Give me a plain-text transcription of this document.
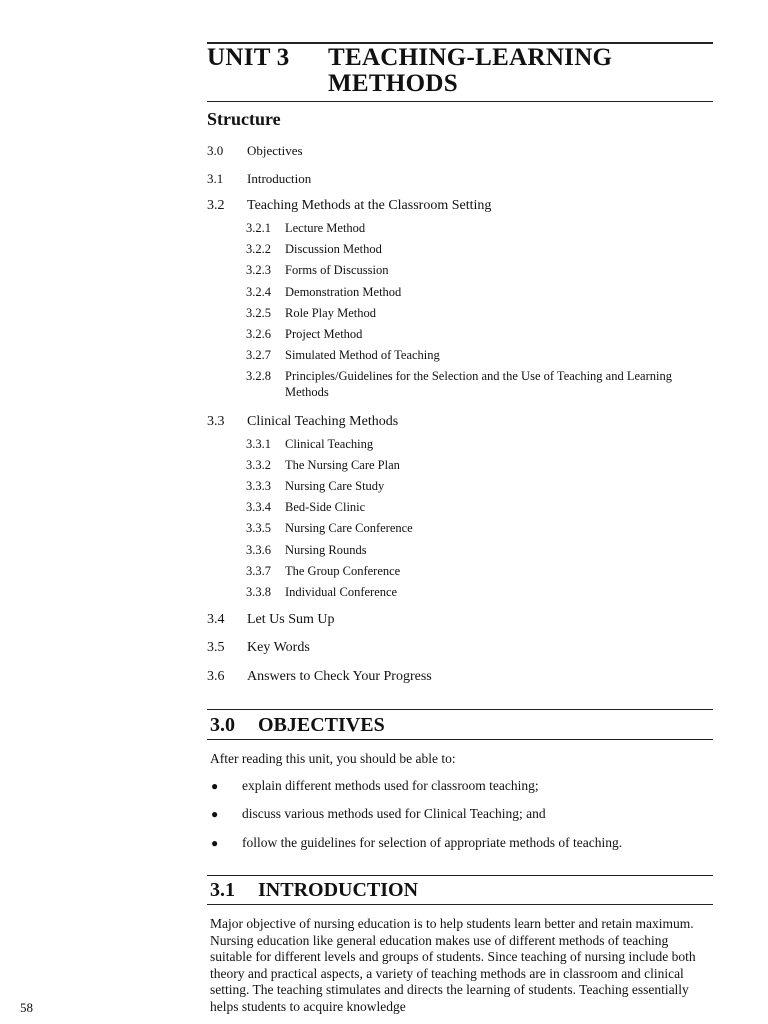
UNIT 3 TEACHING-LEARNING
METHODS
Structure
3.0 Objectives
3.1 Introduction
3.2 Teaching Methods at the Classroom Setting
3.2.1 Lecture Method
3.2.2 Discussion Method
3.2.3 Forms of Discussion
3.2.4 Demonstration Method
3.2.5 Role Play Method
3.2.6 Project Method
3.2.7 Simulated Method of Teaching
3.2.8 Principles/Guidelines for the Selection and the Use of Teaching and Learning Methods
3.3 Clinical Teaching Methods
3.3.1 Clinical Teaching
3.3.2 The Nursing Care Plan
3.3.3 Nursing Care Study
3.3.4 Bed-Side Clinic
3.3.5 Nursing Care Conference
3.3.6 Nursing Rounds
3.3.7 The Group Conference
3.3.8 Individual Conference
3.4 Let Us Sum Up
3.5 Key Words
3.6 Answers to Check Your Progress
3.0 OBJECTIVES
After reading this unit, you should be able to:
● explain different methods used for classroom teaching;
● discuss various methods used for Clinical Teaching; and
● follow the guidelines for selection of appropriate methods of teaching.
3.1 INTRODUCTION
Major objective of nursing education is to help students learn better and retain maximum. Nursing education like general education makes use of different methods of teaching suitable for different levels and groups of students. Since teaching of nursing include both theory and practical aspects, a variety of teaching methods are in classroom and clinical setting. The teaching stimulates and directs the learning of students. Teaching essentially helps students to acquire knowledge
58
